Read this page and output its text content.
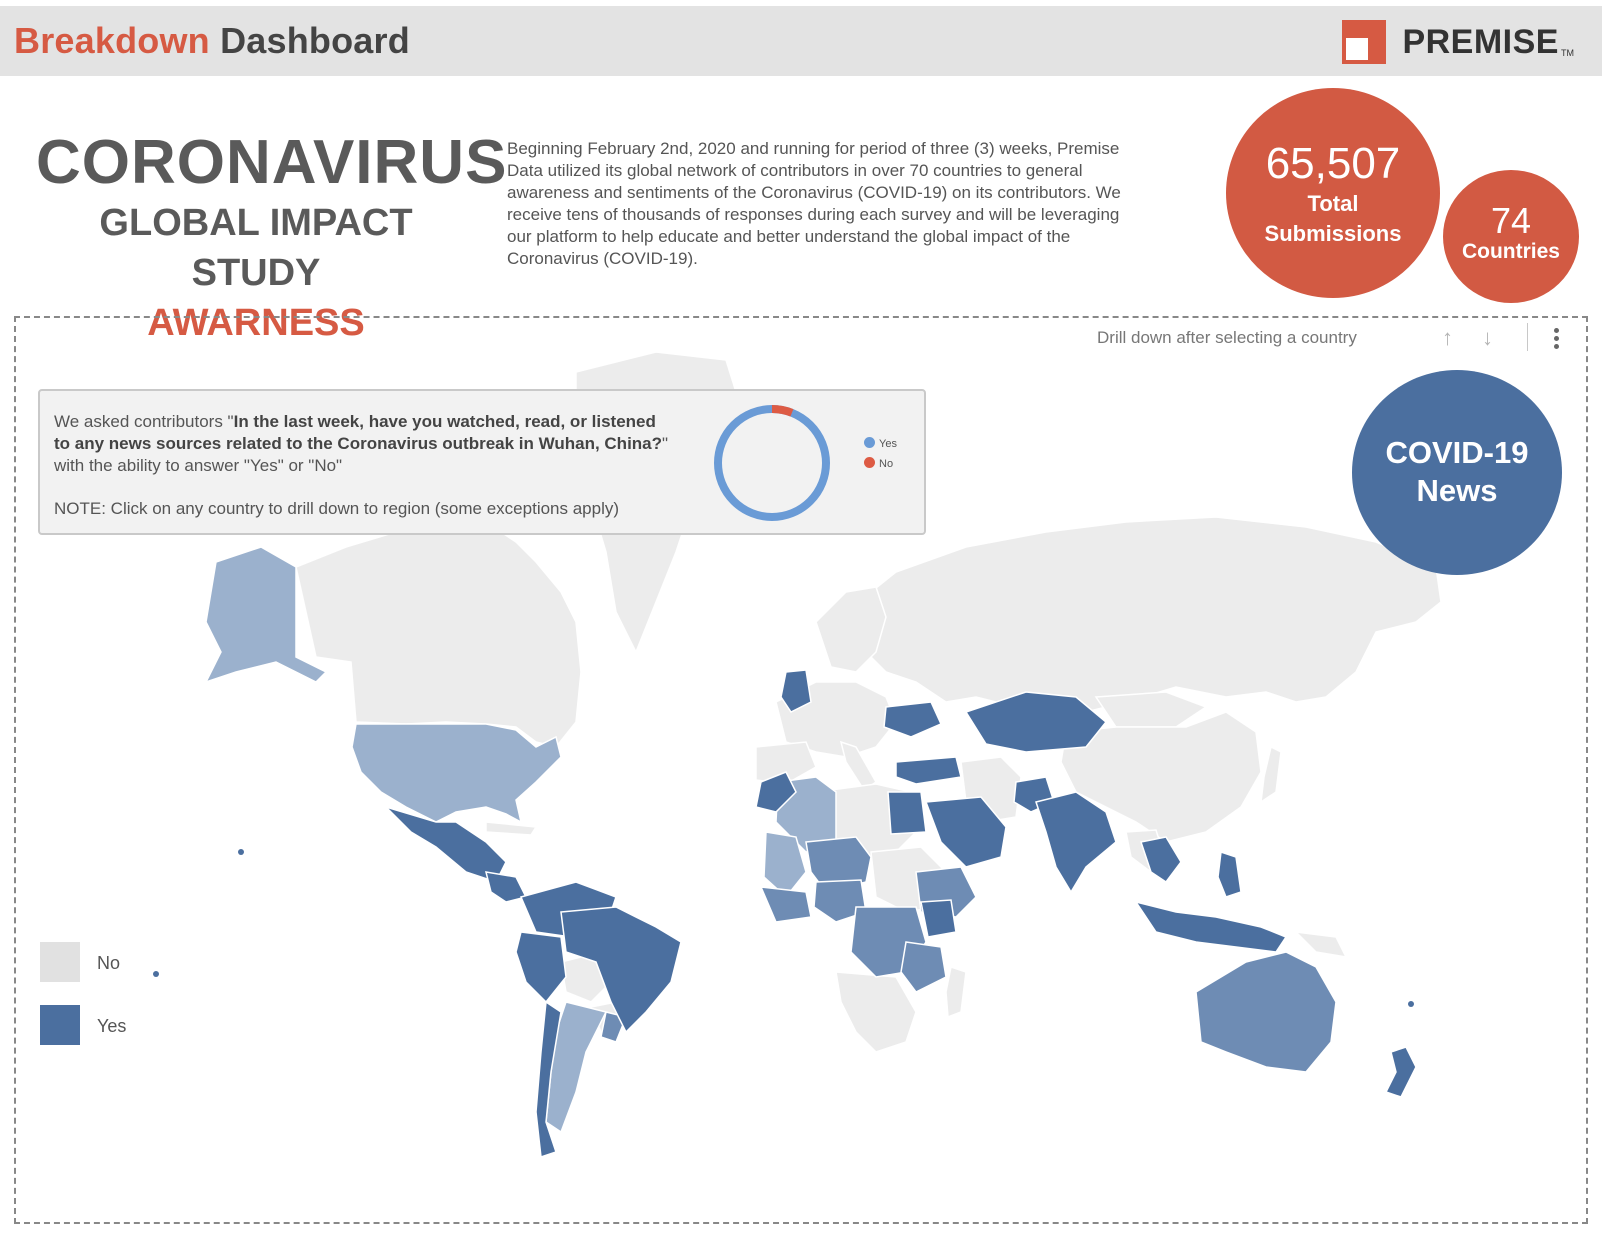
Breakdown Dashboard	PREMISE TM
CORONAVIRUS
GLOBAL IMPACT STUDY
AWARNESS
Beginning February 2nd, 2020 and running for period of three (3) weeks, Premise Data utilized its global network of contributors in over 70 countries to general awareness and sentiments of the Coronavirus (COVID-19) on its contributors. We receive tens of thousands of responses during each survey and will be leveraging our platform to help educate and better understand the global impact of the Coronavirus (COVID-19).
65,507
Total
Submissions	74
Countries
Drill down after selecting a country	↑ ↓
We asked contributors "In the last week, have you watched, read, or listened to any news sources related to the Coronavirus outbreak in Wuhan, China?" with the ability to answer "Yes" or "No"
NOTE: Click on any country to drill down to region (some exceptions apply)
Yes
No	COVID-19
News
No
Yes
